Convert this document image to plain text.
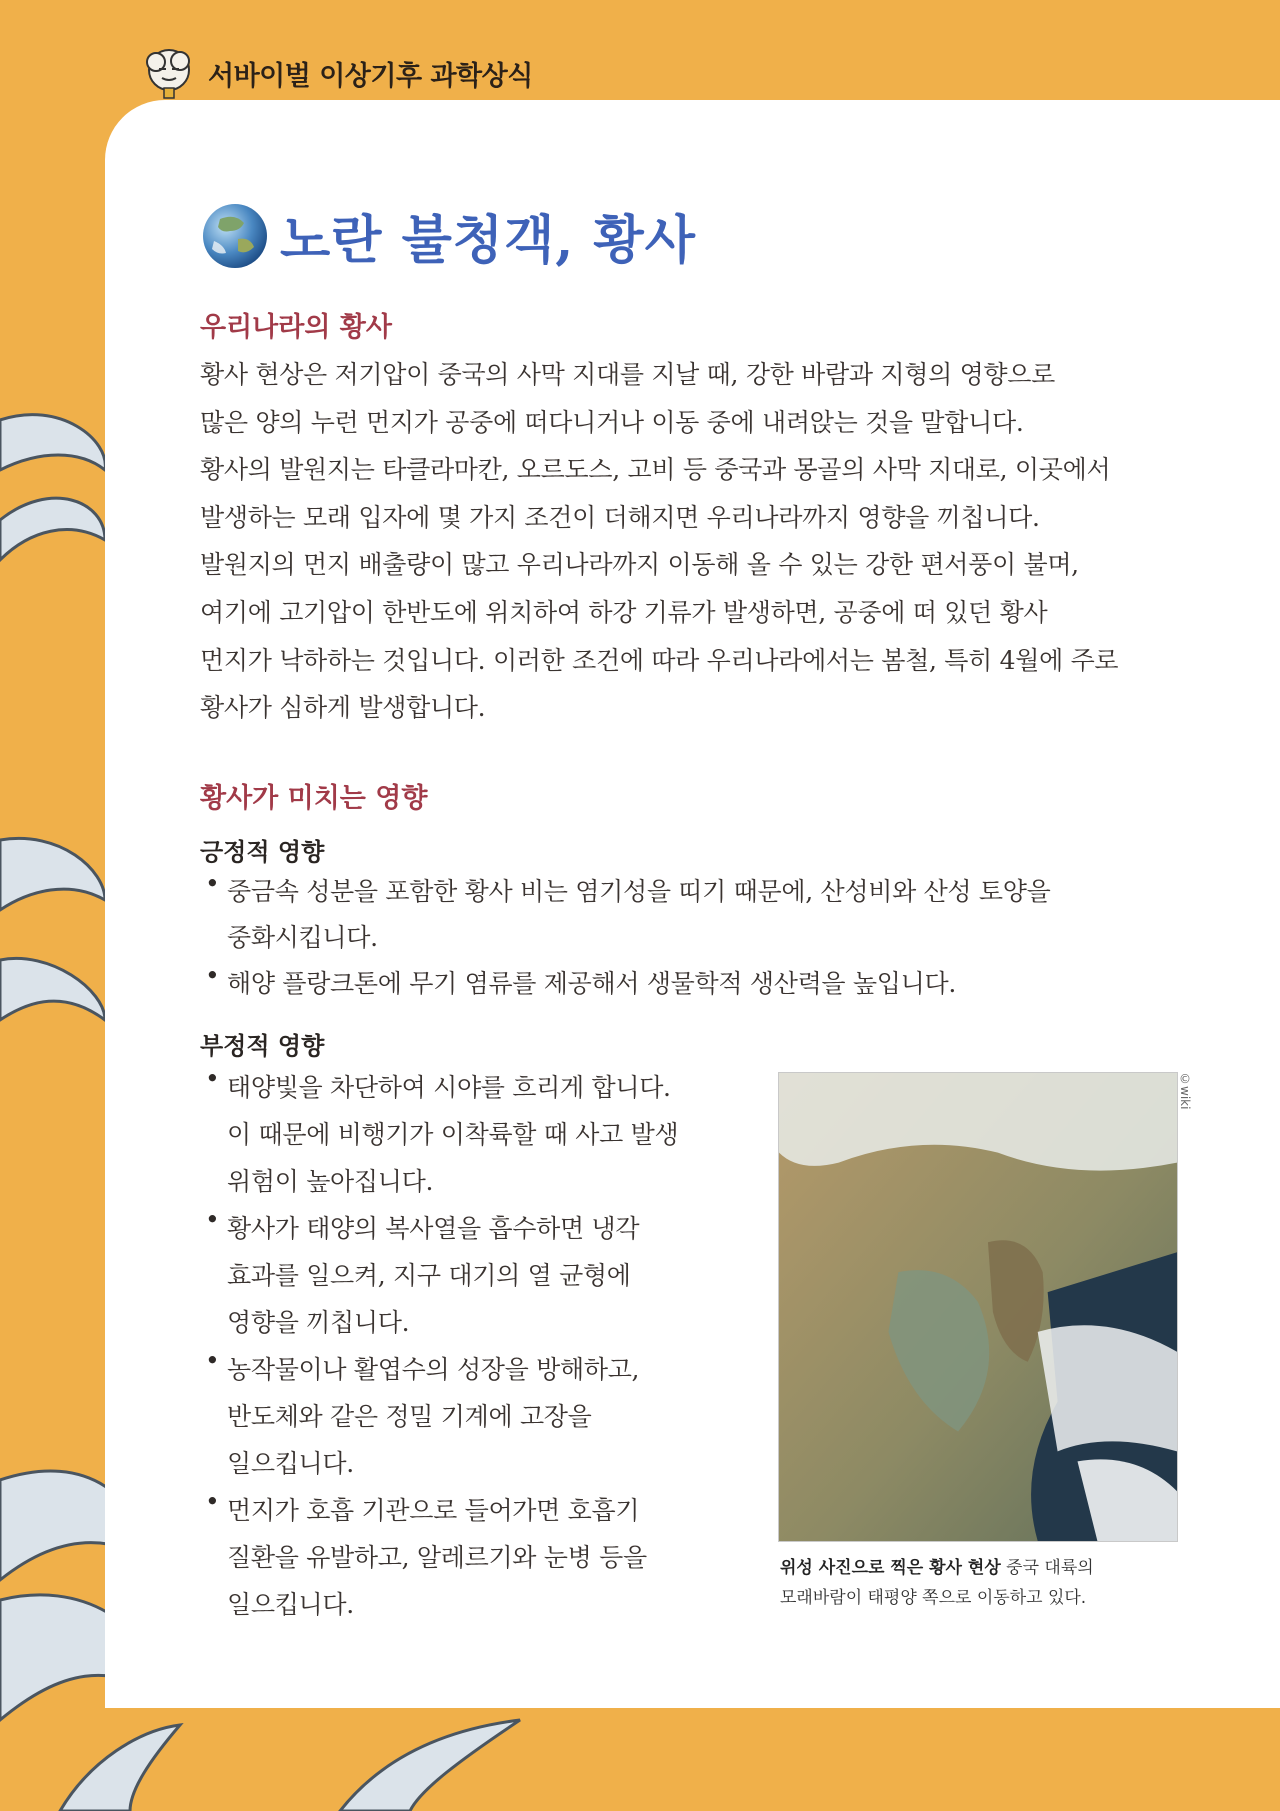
서바이벌 이상기후 과학상식
노란 불청객, 황사
우리나라의 황사

황사 현상은 저기압이 중국의 사막 지대를 지날 때, 강한 바람과 지형의 영향으로

많은 양의 누런 먼지가 공중에 떠다니거나 이동 중에 내려앉는 것을 말합니다.

황사의 발원지는 타클라마칸, 오르도스, 고비 등 중국과 몽골의 사막 지대로, 이곳에서

발생하는 모래 입자에 몇 가지 조건이 더해지면 우리나라까지 영향을 끼칩니다.

발원지의 먼지 배출량이 많고 우리나라까지 이동해 올 수 있는 강한 편서풍이 불며,

여기에 고기압이 한반도에 위치하여 하강 기류가 발생하면, 공중에 떠 있던 황사

먼지가 낙하하는 것입니다. 이러한 조건에 따라 우리나라에서는 봄철, 특히 4월에 주로

황사가 심하게 발생합니다.

황사가 미치는 영향
긍정적 영향
• 중금속 성분을 포함한 황사 비는 염기성을 띠기 때문에, 산성비와 산성 토양을

중화시킵니다.

• 해양 플랑크톤에 무기 염류를 제공해서 생물학적 생산력을 높입니다.

부정적 영향
• 태양빛을 차단하여 시야를 흐리게 합니다.

이 때문에 비행기가 이착륙할 때 사고 발생

위험이 높아집니다.

• 황사가 태양의 복사열을 흡수하면 냉각

효과를 일으켜, 지구 대기의 열 균형에

영향을 끼칩니다.

• 농작물이나 활엽수의 성장을 방해하고,

반도체와 같은 정밀 기계에 고장을

일으킵니다.

• 먼지가 호흡 기관으로 들어가면 호흡기

질환을 유발하고, 알레르기와 눈병 등을

일으킵니다.

©wiki
위성 사진으로 찍은 황사 현상 중국 대륙의
모래바람이 태평양 쪽으로 이동하고 있다.
